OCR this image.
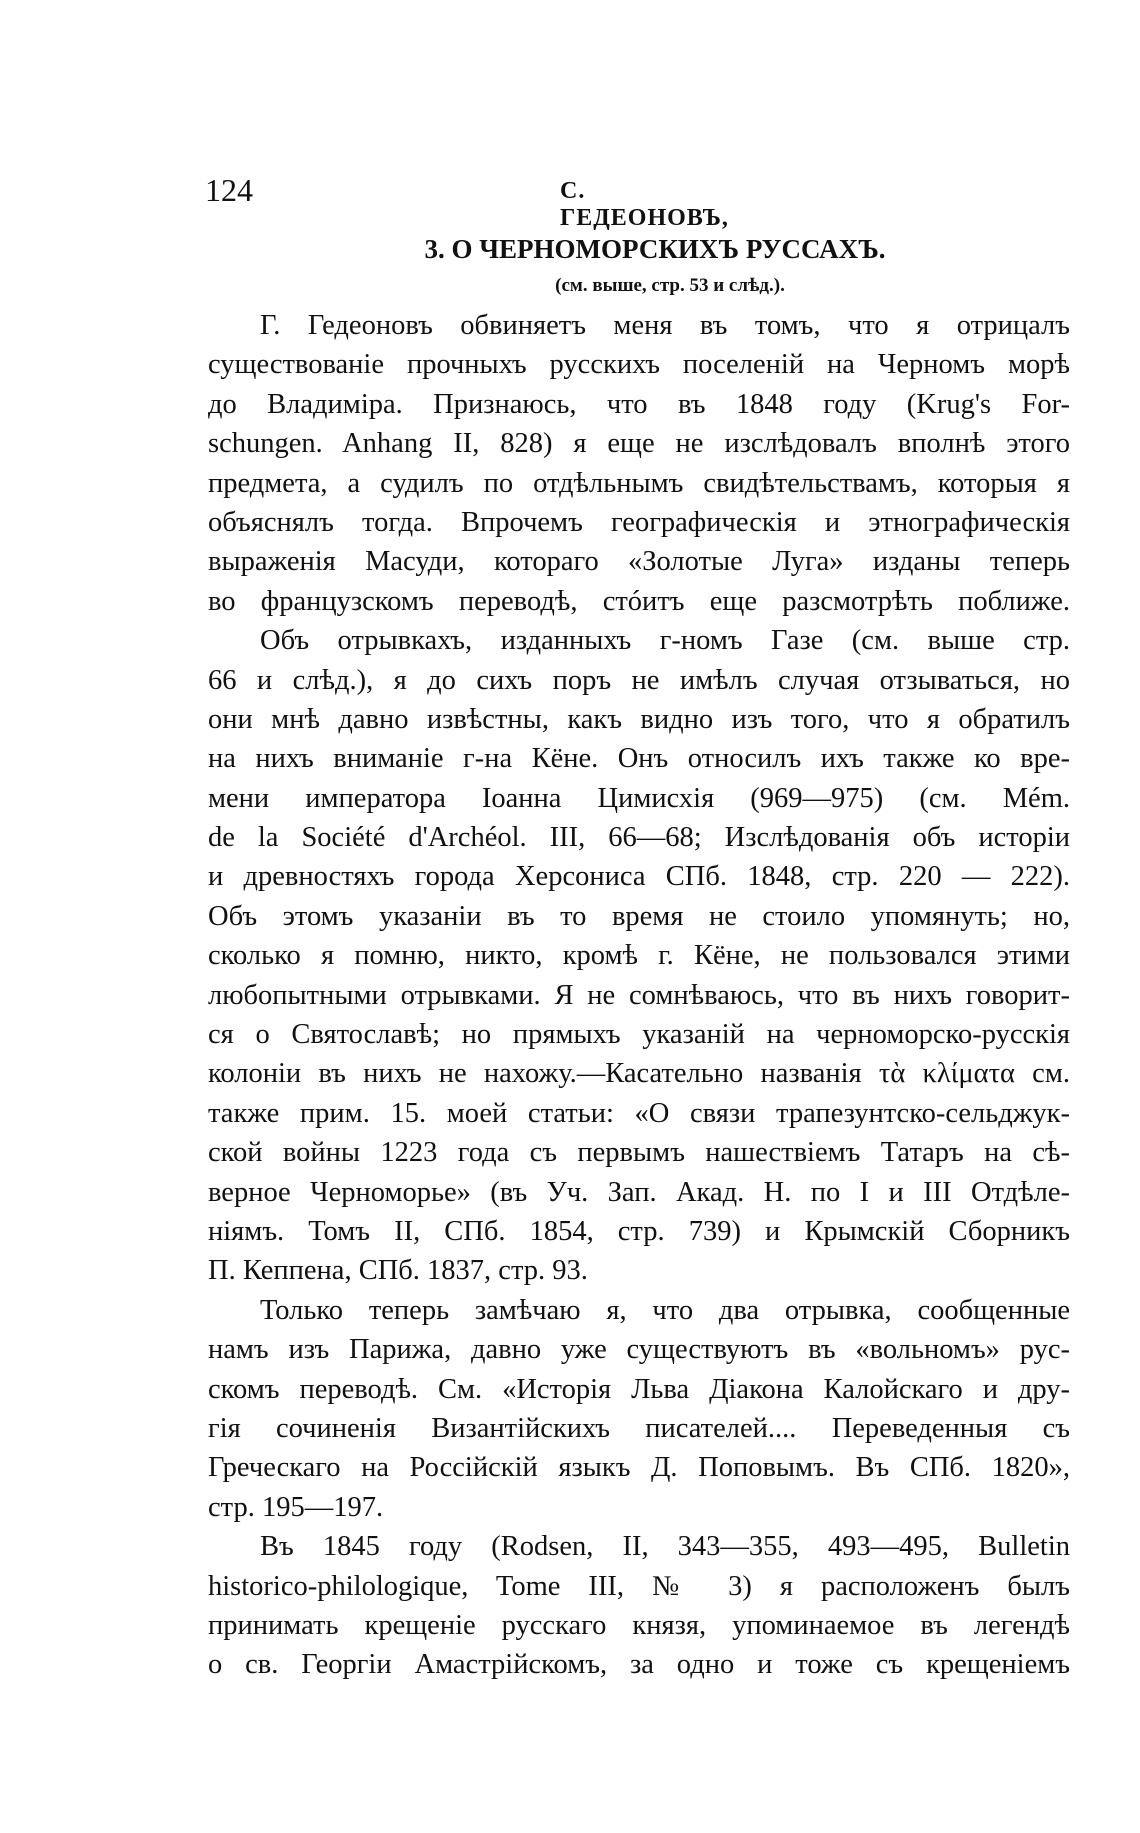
124	С. ГЕДЕОНОВЪ,
3. О ЧЕРНОМОРСКИХЪ РУССАХЪ.
(см. выше, стр. 53 и слѣд.).
Г. Гедеоновъ обвиняетъ меня въ томъ, что я отрицалъ
существованіе прочныхъ русскихъ поселеній на Черномъ морѣ
до Владиміра. Признаюсь, что въ 1848 году (Krug's For-
schungen. Anhang II, 828) я еще не изслѣдовалъ вполнѣ этого
предмета, а судилъ по отдѣльнымъ свидѣтельствамъ, которыя я
объяснялъ тогда. Впрочемъ географическія и этнографическія
выраженія Масуди, котораго «Золотые Луга» изданы теперь
во французскомъ переводѣ, стóитъ еще разсмотрѣть поближе.
Объ отрывкахъ, изданныхъ г-номъ Газе (см. выше стр.
66 и слѣд.), я до сихъ поръ не имѣлъ случая отзываться, но
они мнѣ давно извѣстны, какъ видно изъ того, что я обратилъ
на нихъ вниманіе г-на Кёне. Онъ относилъ ихъ также ко вре-
мени императора Іоанна Цимисхія (969—975) (см. Mém.
de la Société d'Archéol. III, 66—68; Изслѣдованія объ исторіи
и древностяхъ города Херсониса СПб. 1848, стр. 220 — 222).
Объ этомъ указаніи въ то время не стоило упомянуть; но,
сколько я помню, никто, кромѣ г. Кёне, не пользовался этими
любопытными отрывками. Я не сомнѣваюсь, что въ нихъ говорит-
ся о Святославѣ; но прямыхъ указаній на черноморско-русскія
колоніи въ нихъ не нахожу.—Касательно названія τὰ κλίματα см.
также прим. 15. моей статьи: «О связи трапезунтско-сельджук-
ской войны 1223 года съ первымъ нашествіемъ Татаръ на сѣ-
верное Черноморье» (въ Уч. Зап. Акад. Н. по I и III Отдѣле-
ніямъ. Томъ II, СПб. 1854, стр. 739) и Крымскій Сборникъ
П. Кеппена, СПб. 1837, стр. 93.
Только теперь замѣчаю я, что два отрывка, сообщенные
намъ изъ Парижа, давно уже существуютъ въ «вольномъ» рус-
скомъ переводѣ. См. «Исторія Льва Діакона Калойскаго и дру-
гія сочиненія Византійскихъ писателей.... Переведенныя съ
Греческаго на Россійскій языкъ Д. Поповымъ. Въ СПб. 1820»,
стр. 195—197.
Въ 1845 году (Rodsen, II, 343—355, 493—495, Bulletin
historico-philologique, Tome III, № 3) я расположенъ былъ
принимать крещеніе русскаго князя, упоминаемое въ легендѣ
о св. Георгіи Амастрійскомъ, за одно и тоже съ крещеніемъ
